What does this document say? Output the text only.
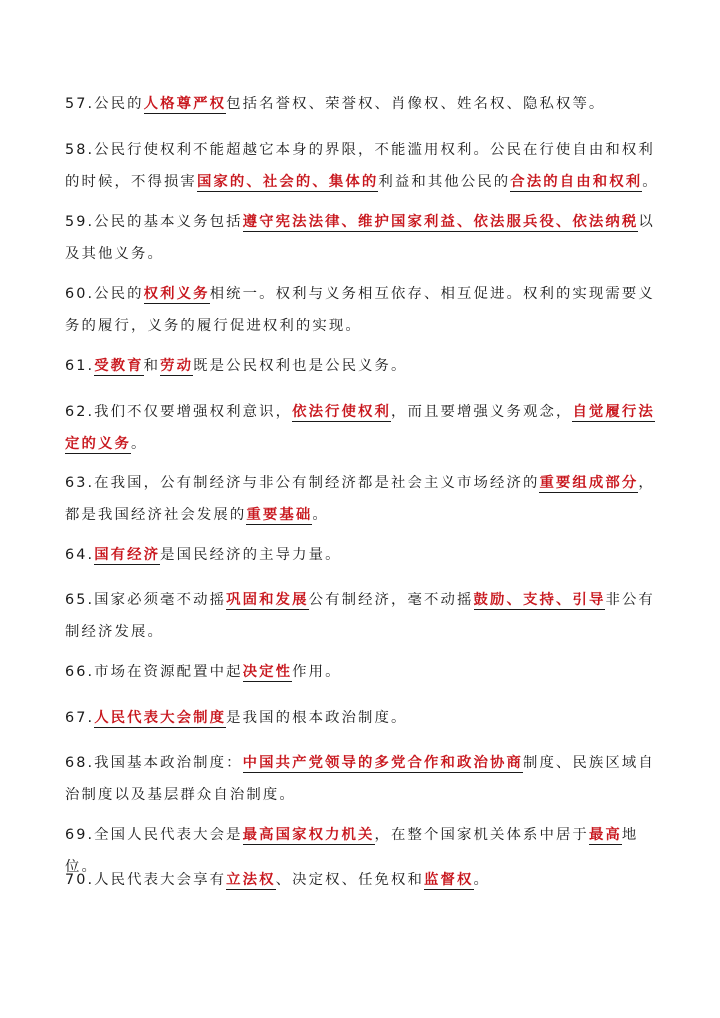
57.公民的人格尊严权包括名誉权、荣誉权、肖像权、姓名权、隐私权等。

58.公民行使权利不能超越它本身的界限，不能滥用权利。公民在行使自由和权利的时候，不得损害国家的、社会的、集体的利益和其他公民的合法的自由和权利。

59.公民的基本义务包括遵守宪法法律、维护国家利益、依法服兵役、依法纳税以及其他义务。

60.公民的权利义务相统一。权利与义务相互依存、相互促进。权利的实现需要义务的履行，义务的履行促进权利的实现。

61.受教育和劳动既是公民权利也是公民义务。

62.我们不仅要增强权利意识，依法行使权利，而且要增强义务观念，自觉履行法定的义务。

63.在我国，公有制经济与非公有制经济都是社会主义市场经济的重要组成部分，都是我国经济社会发展的重要基础。

64.国有经济是国民经济的主导力量。

65.国家必须毫不动摇巩固和发展公有制经济，毫不动摇鼓励、支持、引导非公有制经济发展。

66.市场在资源配置中起决定性作用。

67.人民代表大会制度是我国的根本政治制度。

68.我国基本政治制度：中国共产党领导的多党合作和政治协商制度、民族区域自治制度以及基层群众自治制度。

69.全国人民代表大会是最高国家权力机关，在整个国家机关体系中居于最高地位。

70.人民代表大会享有立法权、决定权、任免权和监督权。
